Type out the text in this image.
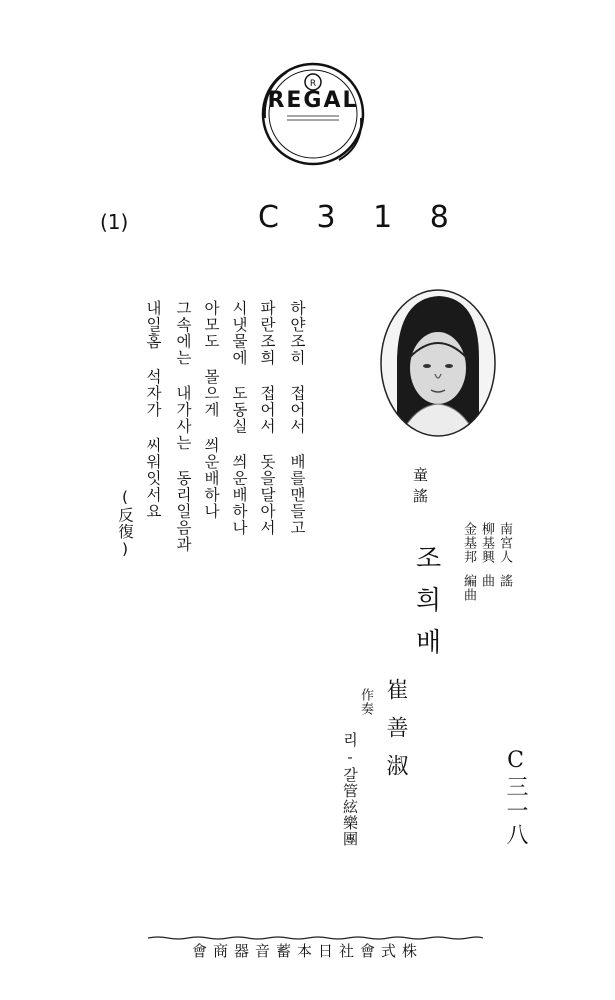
R
REGAL
(1)	C 3 1 8
하얀조히 접어서 배를맨들고
파란조희 접어서 돗을달아서
시냇물에 도동실 씌운배하나
아모도 몰으게 씌운배하나
그속에는 내가사는 동리일음과
내일홈 석자가 씨워잇서요
(反復)	童謠
조희배
崔善淑
南宮人
謠
柳基興
曲
金基邦
編曲
作奏
리-갈管絃樂團	C三一八
株式會社日本蓄音器商會
